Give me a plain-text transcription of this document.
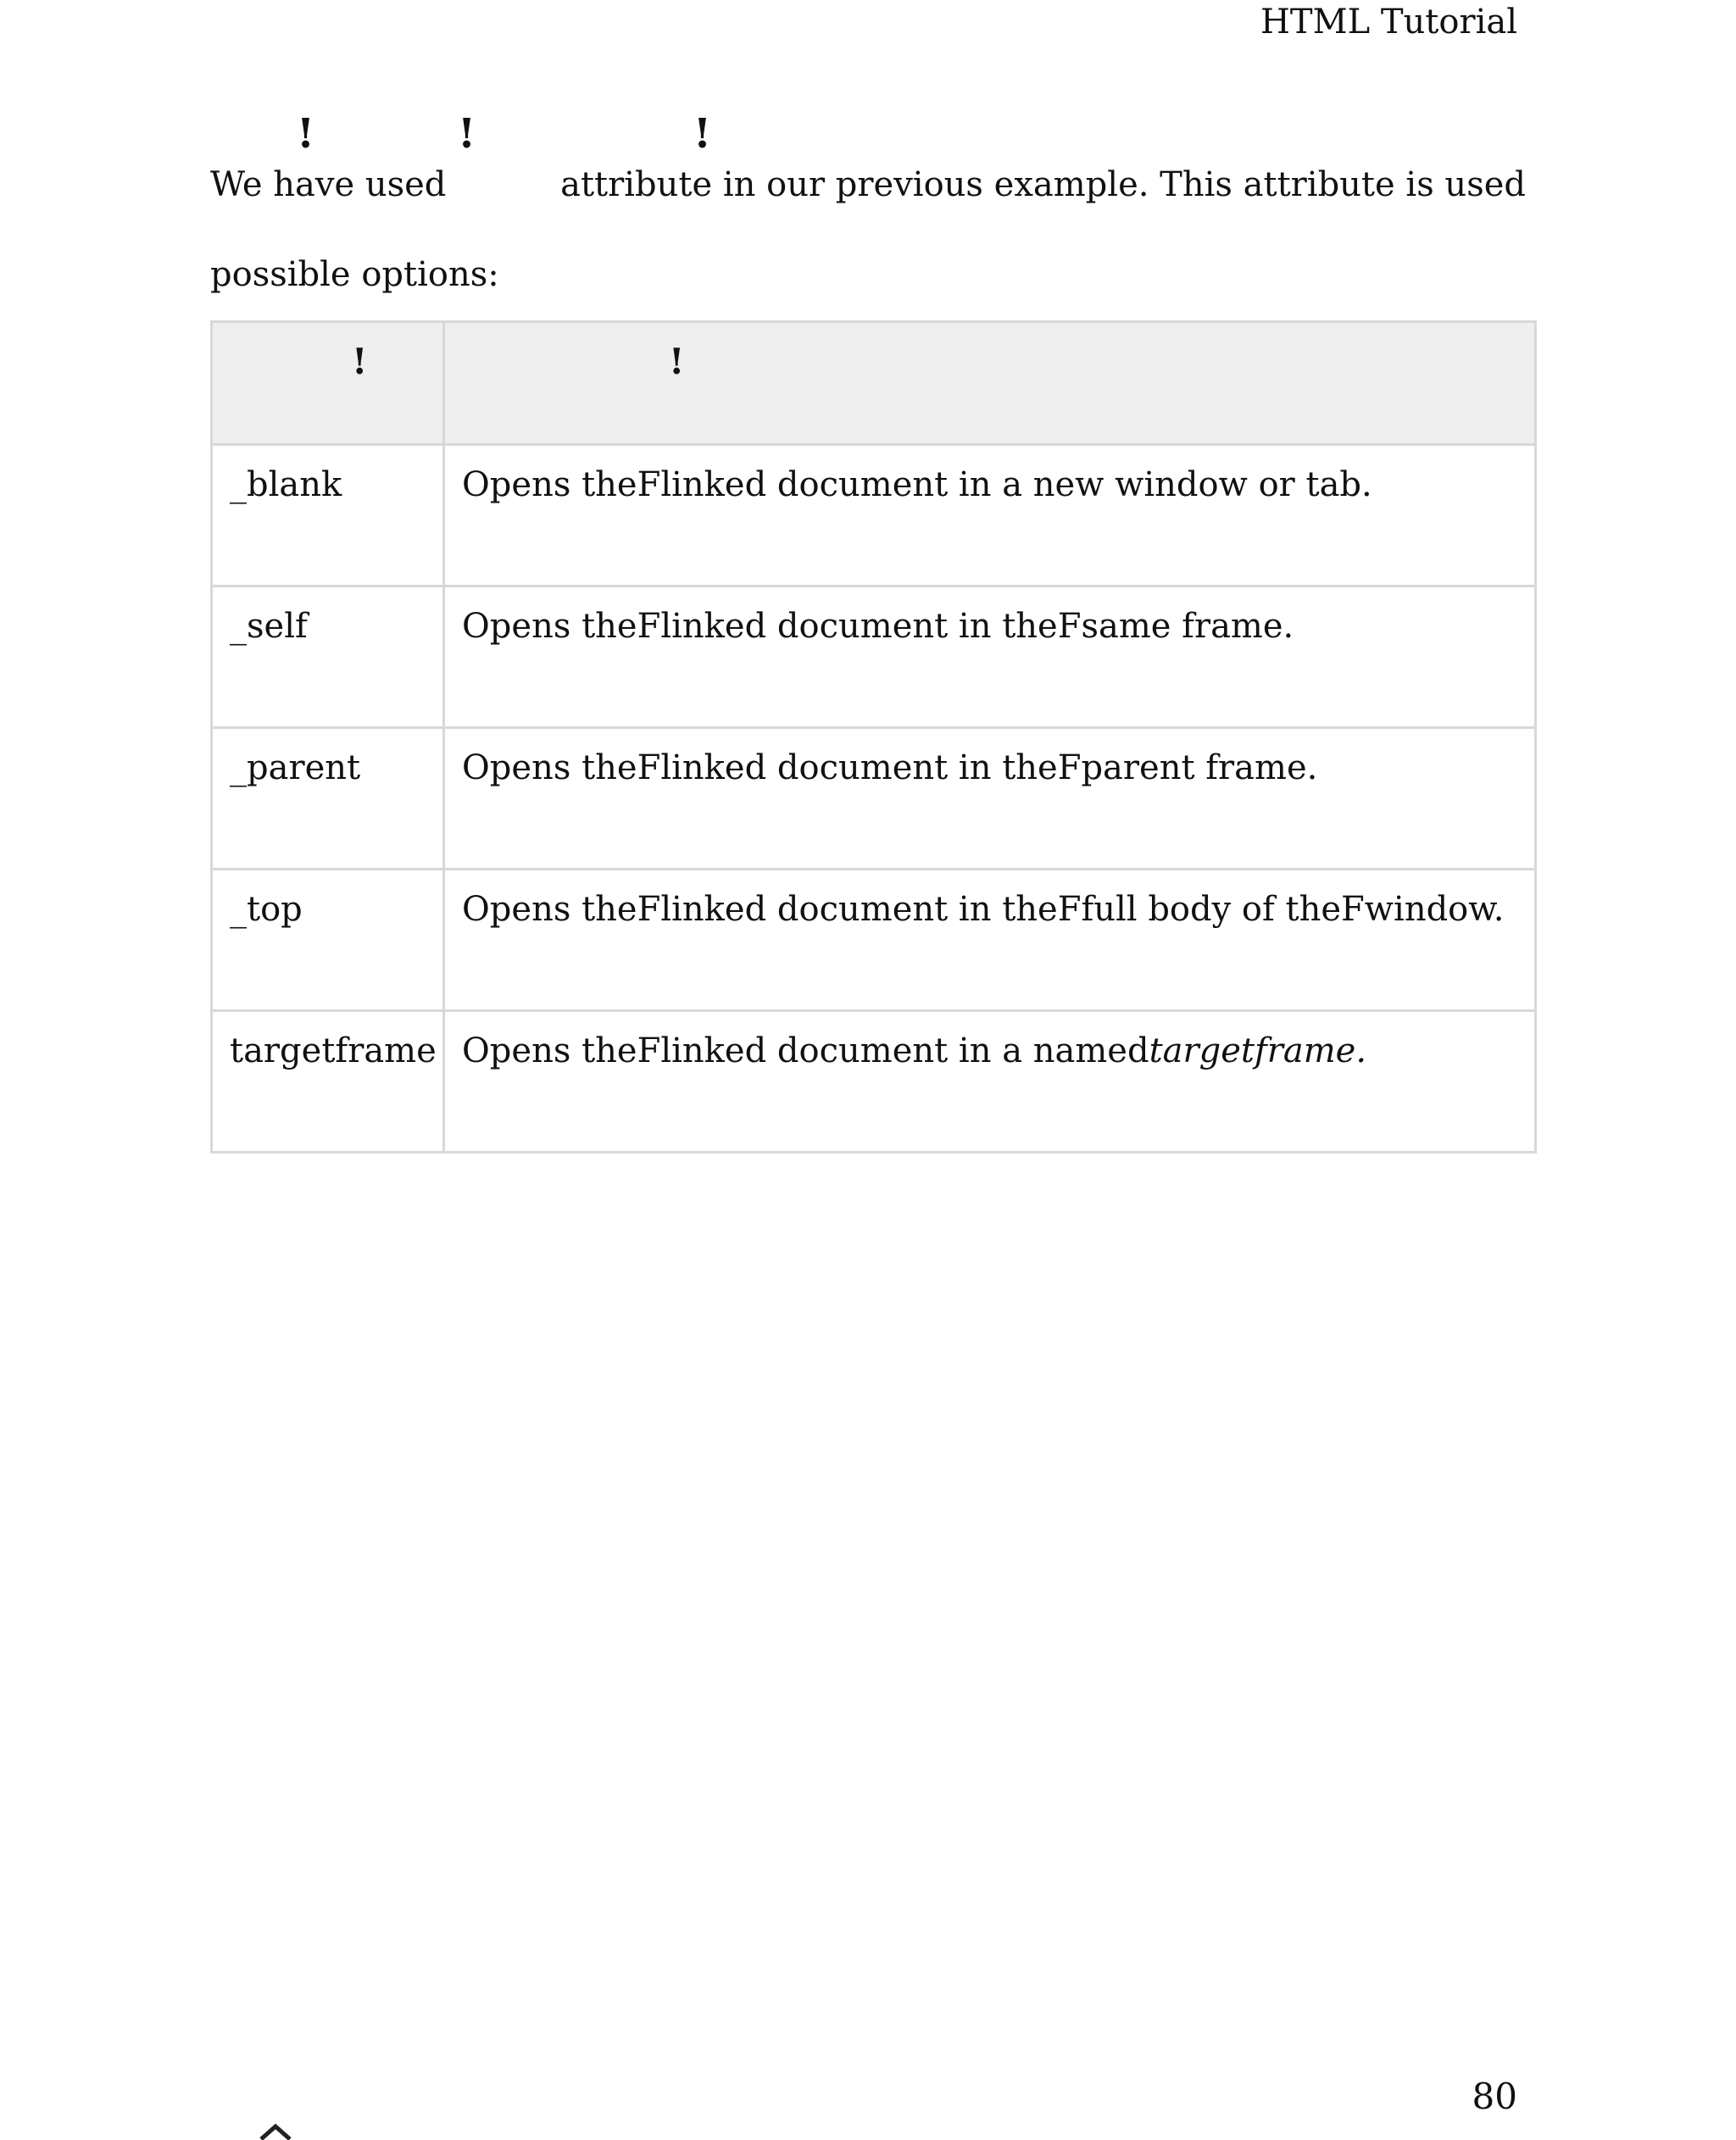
HTML Tutorial
!	!	!
We have used	attribute in our previous example. This attribute is used
possible options:
!	!

_blank	Opens theFlinked document in a new window or tab.
_self	Opens theFlinked document in theFsame frame.
_parent	Opens theFlinked document in theFparent frame.
_top	Opens theFlinked document in theFfull body of theFwindow.
targetframe	Opens theFlinked document in a namedtargetframe.
80
